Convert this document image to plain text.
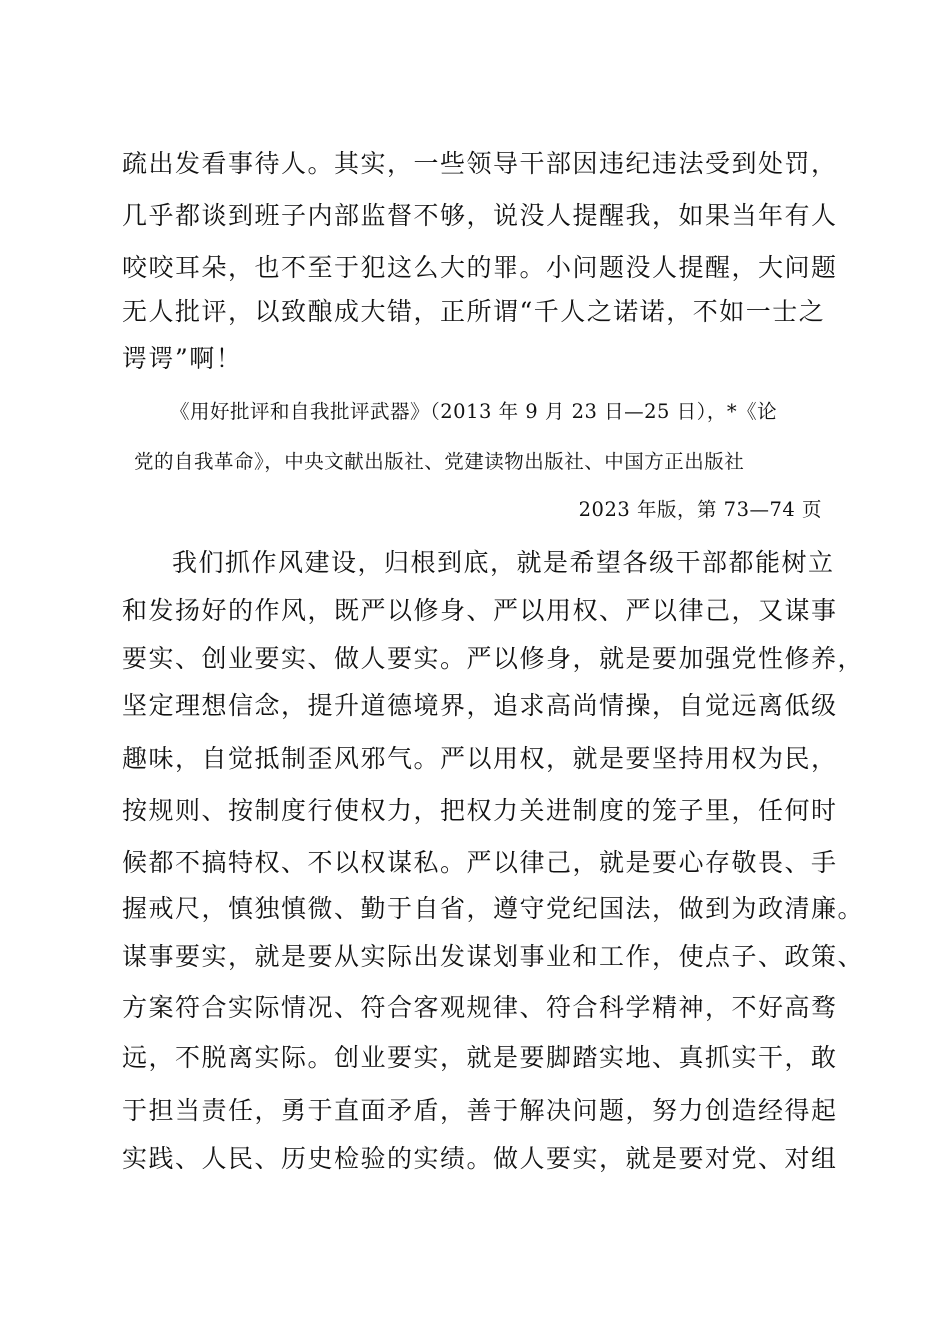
疏出发看事待人。其实，一些领导干部因违纪违法受到处罚，
几乎都谈到班子内部监督不够，说没人提醒我，如果当年有人
咬咬耳朵，也不至于犯这么大的罪。小问题没人提醒，大问题
无人批评，以致酿成大错，正所谓“千人之诺诺，不如一士之
谔谔”啊！
《用好批评和自我批评武器》（2013 年 9 月 23 日—25 日），*《论
党的自我革命》，中央文献出版社、党建读物出版社、中国方正出版社
2023 年版，第 73—74 页
我们抓作风建设，归根到底，就是希望各级干部都能树立
和发扬好的作风，既严以修身、严以用权、严以律己，又谋事
要实、创业要实、做人要实。严以修身，就是要加强党性修养，
坚定理想信念，提升道德境界，追求高尚情操，自觉远离低级
趣味，自觉抵制歪风邪气。严以用权，就是要坚持用权为民，
按规则、按制度行使权力，把权力关进制度的笼子里，任何时
候都不搞特权、不以权谋私。严以律己，就是要心存敬畏、手
握戒尺，慎独慎微、勤于自省，遵守党纪国法，做到为政清廉。
谋事要实，就是要从实际出发谋划事业和工作，使点子、政策、
方案符合实际情况、符合客观规律、符合科学精神，不好高骛
远，不脱离实际。创业要实，就是要脚踏实地、真抓实干，敢
于担当责任，勇于直面矛盾，善于解决问题，努力创造经得起
实践、人民、历史检验的实绩。做人要实，就是要对党、对组
